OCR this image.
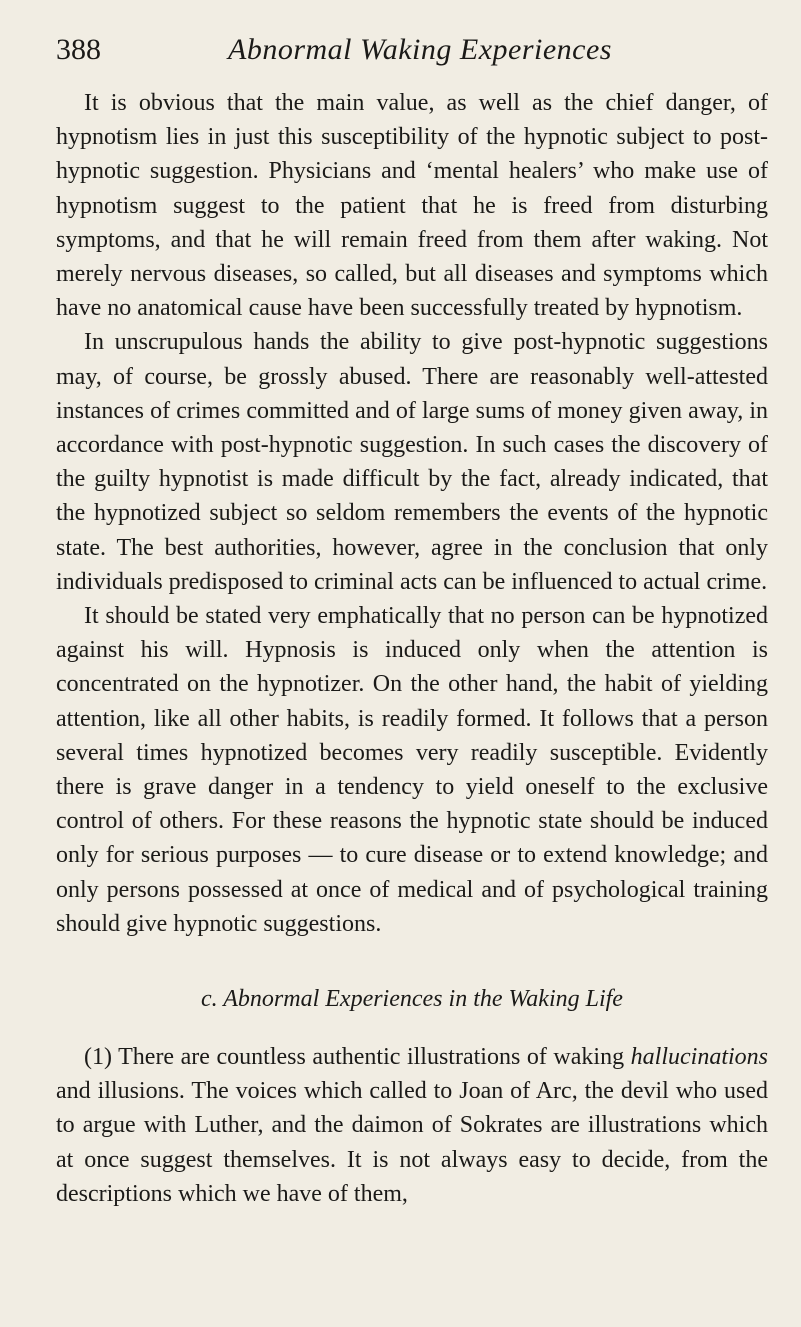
388	Abnormal Waking Experiences

It is obvious that the main value, as well as the chief danger, of hypnotism lies in just this susceptibility of the hypnotic subject to post-hypnotic suggestion. Physicians and ‘mental healers’ who make use of hypnotism suggest to the patient that he is freed from disturbing symptoms, and that he will remain freed from them after waking. Not merely nervous diseases, so called, but all diseases and symptoms which have no anatomical cause have been successfully treated by hypnotism.

In unscrupulous hands the ability to give post-hypnotic suggestions may, of course, be grossly abused. There are reasonably well-attested instances of crimes committed and of large sums of money given away, in accordance with post-hypnotic suggestion. In such cases the discovery of the guilty hypnotist is made difficult by the fact, already indicated, that the hypnotized subject so seldom remembers the events of the hypnotic state. The best authorities, however, agree in the conclusion that only individuals predisposed to criminal acts can be influenced to actual crime.

It should be stated very emphatically that no person can be hypnotized against his will. Hypnosis is induced only when the attention is concentrated on the hypnotizer. On the other hand, the habit of yielding attention, like all other habits, is readily formed. It follows that a person several times hypnotized becomes very readily susceptible. Evidently there is grave danger in a tendency to yield oneself to the exclusive control of others. For these reasons the hypnotic state should be induced only for serious purposes — to cure disease or to extend knowledge; and only persons possessed at once of medical and of psychological training should give hypnotic suggestions.

c. Abnormal Experiences in the Waking Life

(1) There are countless authentic illustrations of waking hallucinations and illusions. The voices which called to Joan of Arc, the devil who used to argue with Luther, and the daimon of Sokrates are illustrations which at once suggest themselves. It is not always easy to decide, from the descriptions which we have of them,
